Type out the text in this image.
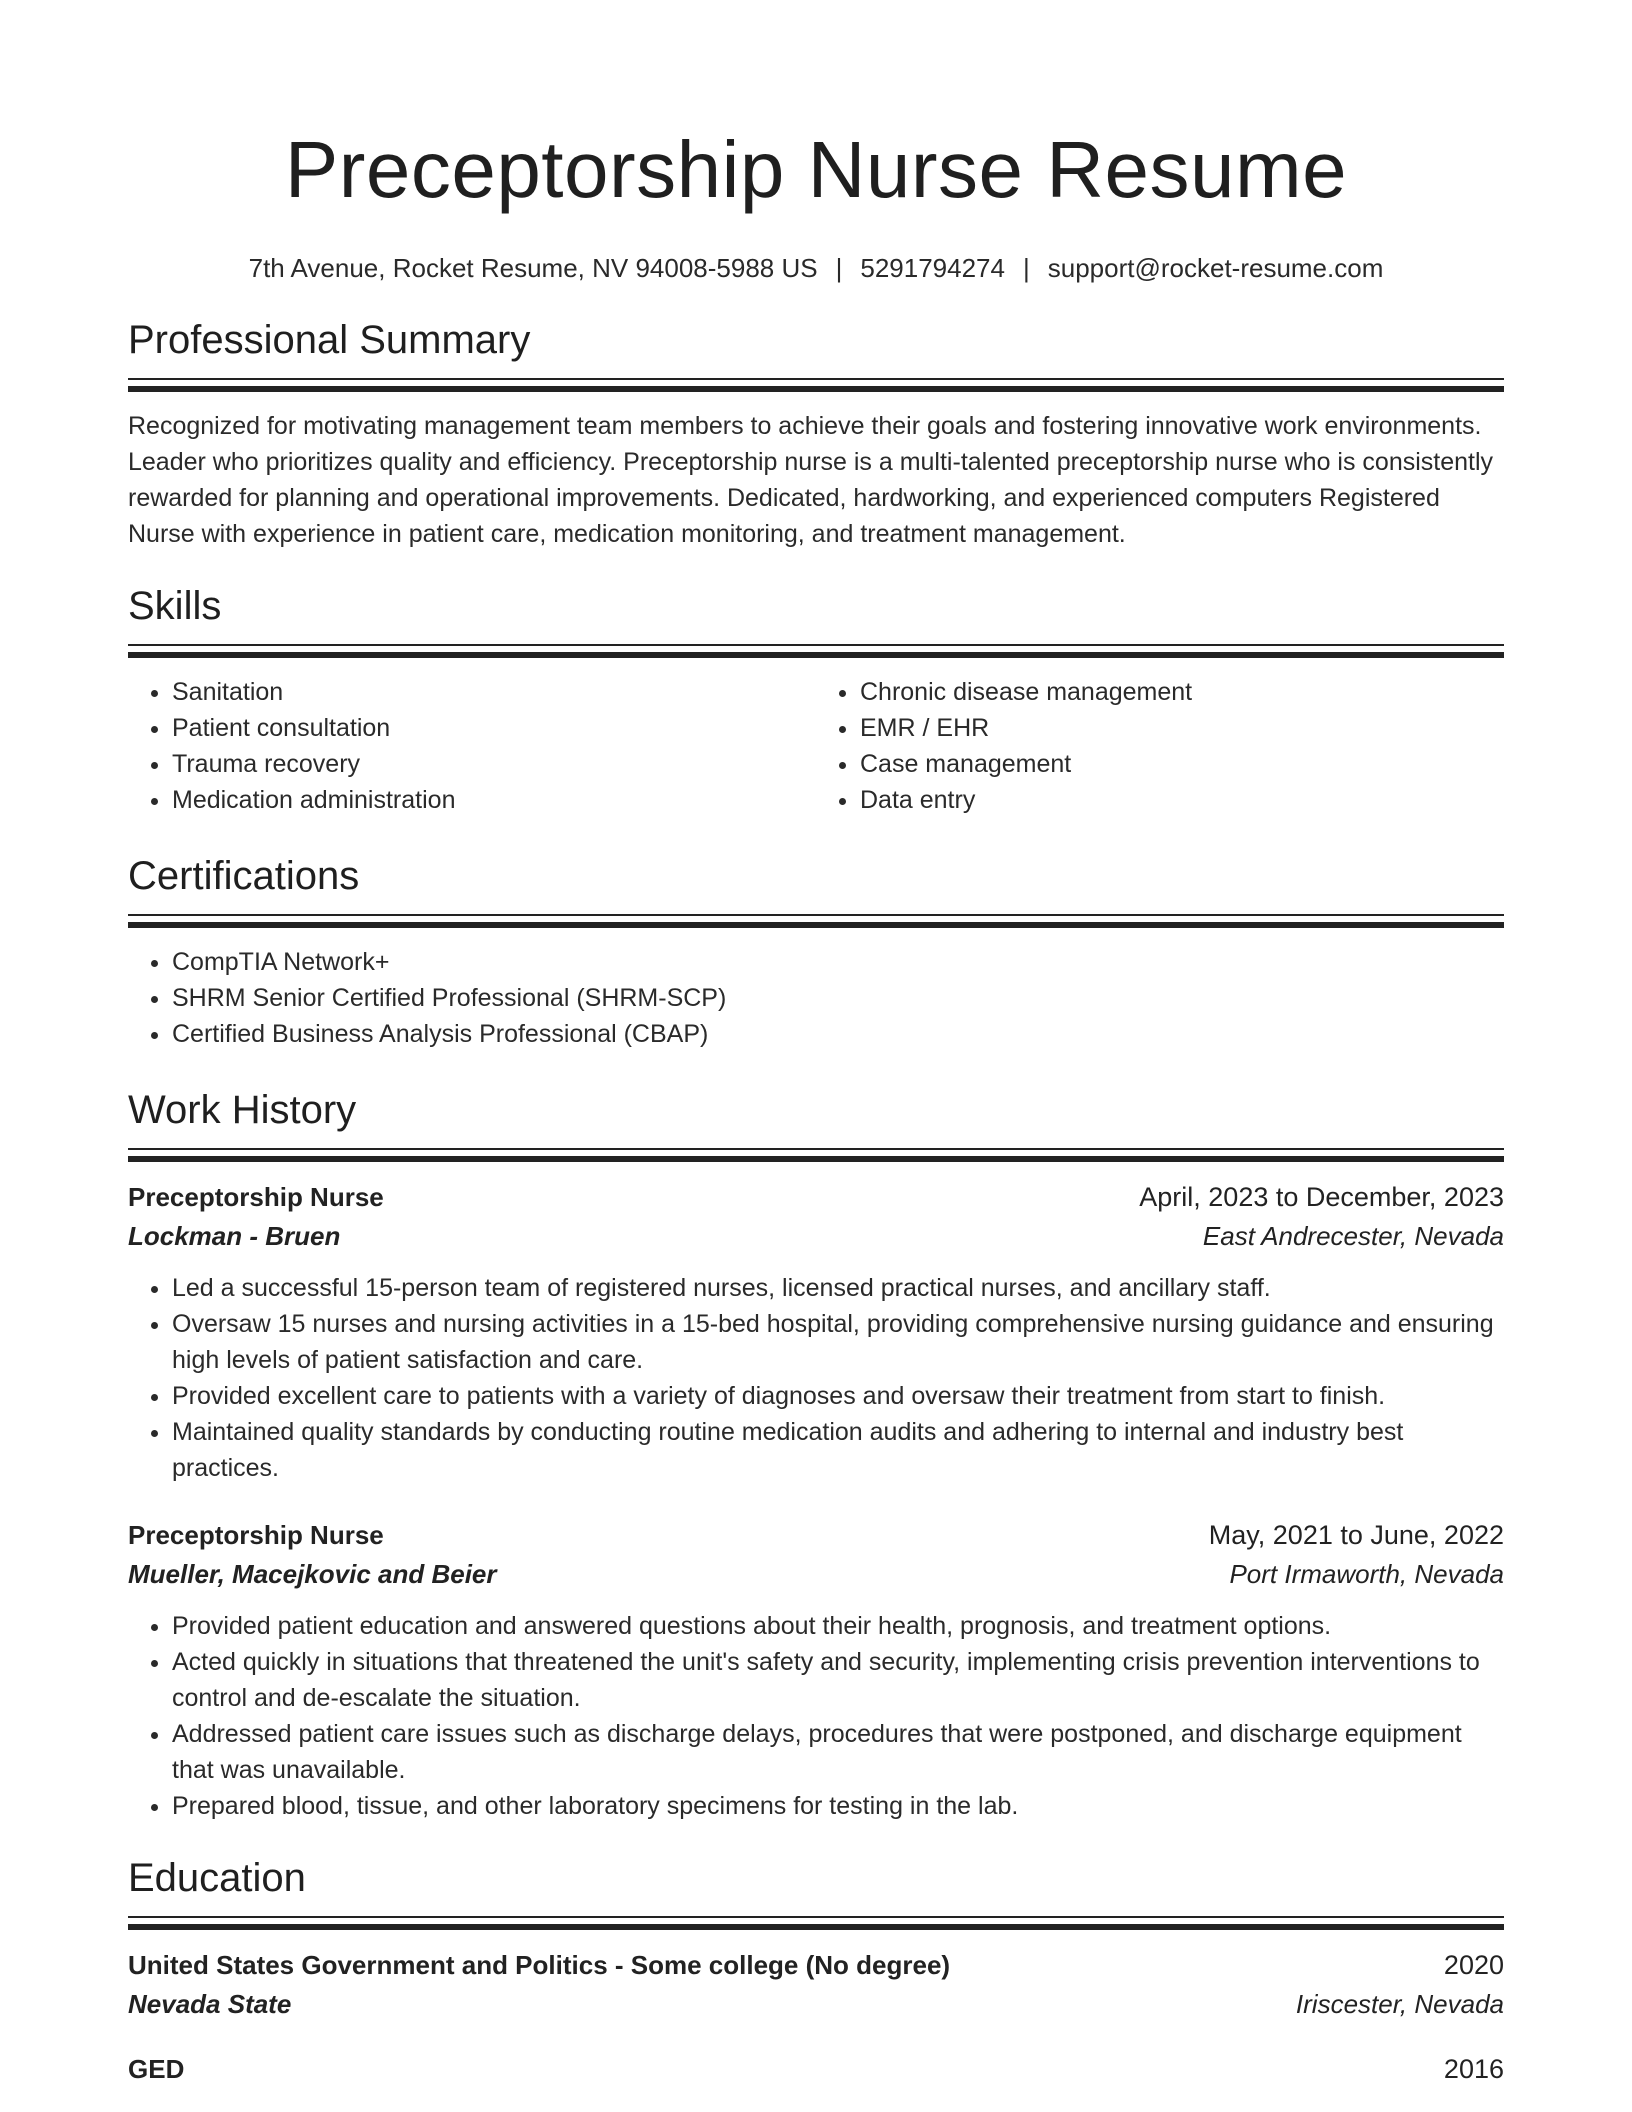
Preceptorship Nurse Resume
7th Avenue, Rocket Resume, NV 94008-5988 US | 5291794274 | support@rocket-resume.com
Professional Summary

Recognized for motivating management team members to achieve their goals and fostering innovative work environments. Leader who prioritizes quality and efficiency. Preceptorship nurse is a multi-talented preceptorship nurse who is consistently rewarded for planning and operational improvements. Dedicated, hardworking, and experienced computers Registered Nurse with experience in patient care, medication monitoring, and treatment management.

Skills
• Sanitation
• Patient consultation
• Trauma recovery
• Medication administration
• Chronic disease management
• EMR / EHR
• Case management
• Data entry
Certifications
• CompTIA Network+
• SHRM Senior Certified Professional (SHRM-SCP)
• Certified Business Analysis Professional (CBAP)
Work History
Preceptorship Nurse	April, 2023 to December, 2023
Lockman - Bruen	East Andrecester, Nevada
• Led a successful 15-person team of registered nurses, licensed practical nurses, and ancillary staff.
• Oversaw 15 nurses and nursing activities in a 15-bed hospital, providing comprehensive nursing guidance and ensuring high levels of patient satisfaction and care.
• Provided excellent care to patients with a variety of diagnoses and oversaw their treatment from start to finish.
• Maintained quality standards by conducting routine medication audits and adhering to internal and industry best practices.
Preceptorship Nurse	May, 2021 to June, 2022
Mueller, Macejkovic and Beier	Port Irmaworth, Nevada
• Provided patient education and answered questions about their health, prognosis, and treatment options.
• Acted quickly in situations that threatened the unit's safety and security, implementing crisis prevention interventions to control and de-escalate the situation.
• Addressed patient care issues such as discharge delays, procedures that were postponed, and discharge equipment that was unavailable.
• Prepared blood, tissue, and other laboratory specimens for testing in the lab.
Education
United States Government and Politics - Some college (No degree)	2020
Nevada State	Iriscester, Nevada
GED	2016
